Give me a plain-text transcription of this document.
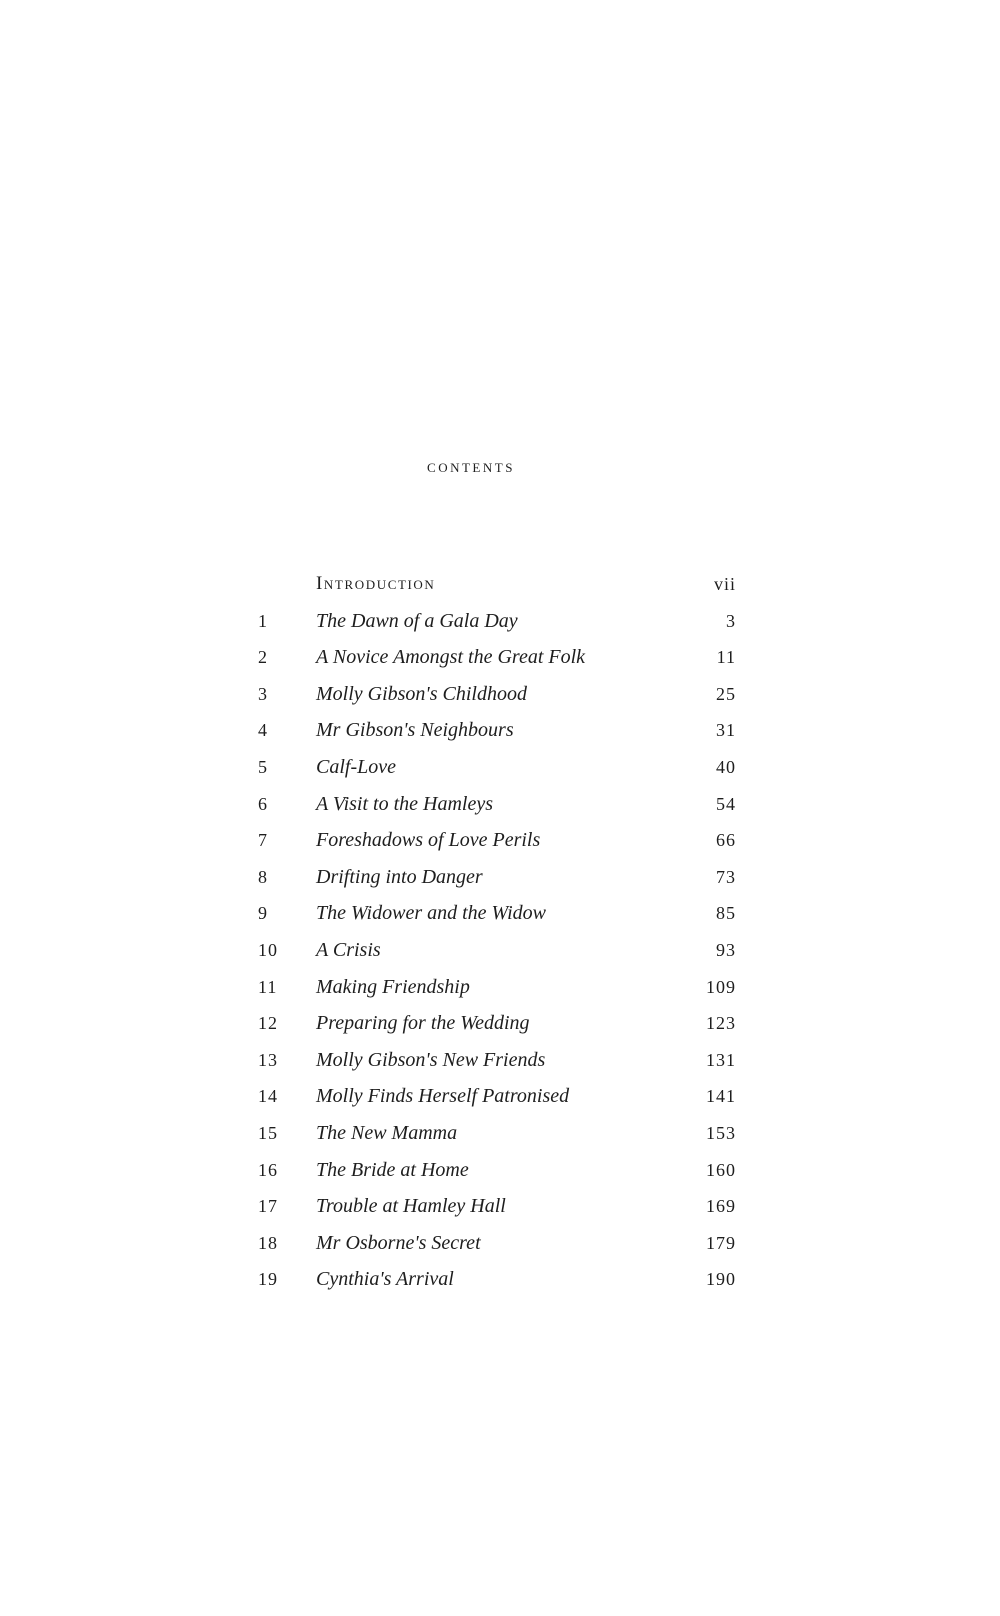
contents
Introduction	vii
1	The Dawn of a Gala Day	3
2	A Novice Amongst the Great Folk	11
3	Molly Gibson's Childhood	25
4	Mr Gibson's Neighbours	31
5	Calf-Love	40
6	A Visit to the Hamleys	54
7	Foreshadows of Love Perils	66
8	Drifting into Danger	73
9	The Widower and the Widow	85
10	A Crisis	93
11	Making Friendship	109
12	Preparing for the Wedding	123
13	Molly Gibson's New Friends	131
14	Molly Finds Herself Patronised	141
15	The New Mamma	153
16	The Bride at Home	160
17	Trouble at Hamley Hall	169
18	Mr Osborne's Secret	179
19	Cynthia's Arrival	190
